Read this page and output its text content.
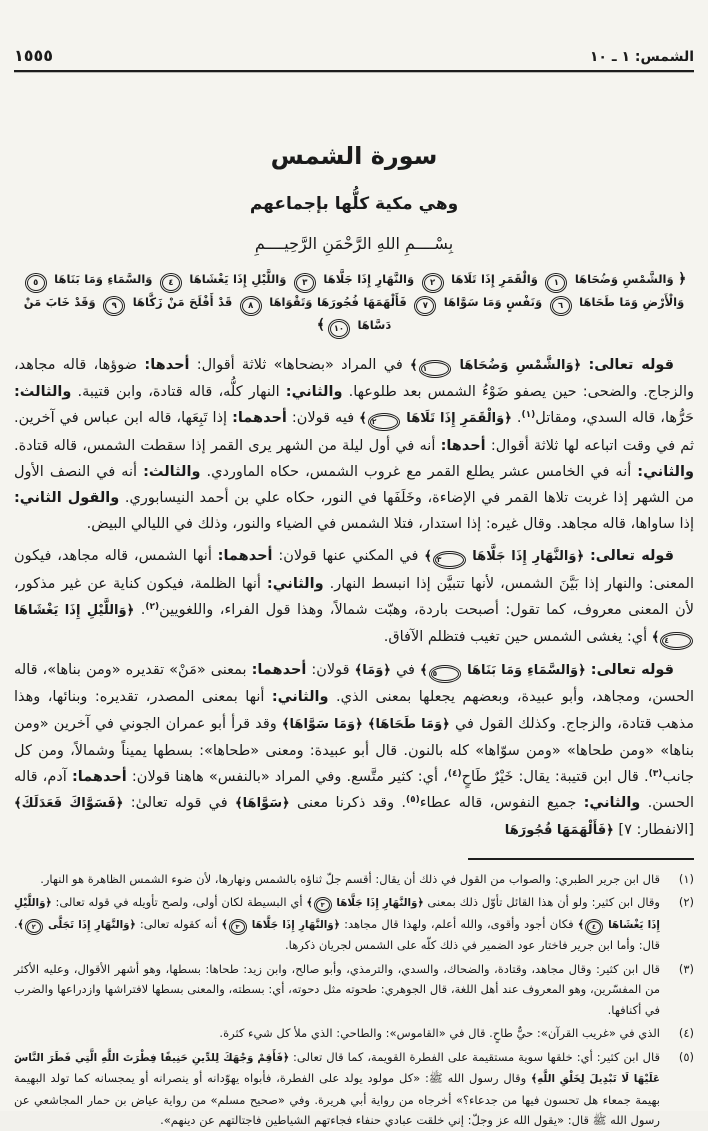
الشمس: ١ ـ ١٠
١٥٥٥
سورة الشمس
وهي مكية كلُّها بإجماعهم
بِسْــــمِ اللهِ الرَّحْمَنِ الرَّحِيــــمِ
﴿ وَالشَّمْسِ وَضُحَاهَا ١ وَالْقَمَرِ إِذَا تَلَاهَا ٢ وَالنَّهَارِ إِذَا جَلَّاهَا ٣ وَاللَّيْلِ إِذَا يَغْشَاهَا ٤ وَالسَّمَاءِ وَمَا بَنَاهَا ٥ وَالْأَرْضِ وَمَا طَحَاهَا ٦ وَنَفْسٍ وَمَا سَوَّاهَا ٧ فَأَلْهَمَهَا فُجُورَهَا وَتَقْوَاهَا ٨ قَدْ أَفْلَحَ مَنْ زَكَّاهَا ٩ وَقَدْ خَابَ مَنْ دَسَّاهَا ١٠﴾

قوله تعالى: ﴿وَالشَّمْسِ وَضُحَاهَا ١﴾ في المراد «بضحاها» ثلاثة أقوال: أحدها: ضوؤها، قاله مجاهد، والزجاج. والضحى: حين يصفو ضَوْءُ الشمس بعد طلوعها. والثاني: النهار كلُّه، قاله قتادة، وابن قتيبة. والثالث: حَرُّها، قاله السدي، ومقاتل$^{(١)}$. ﴿وَالْقَمَرِ إِذَا تَلَاهَا ٢﴾ فيه قولان: أحدهما: إذا تَبِعَها، قاله ابن عباس في آخرين. ثم في وقت اتباعه لها ثلاثة أقوال: أحدها: أنه في أول ليلة من الشهر يرى القمر إذا سقطت الشمس، قاله قتادة. والثاني: أنه في الخامس عشر يطلع القمر مع غروب الشمس، حكاه الماوردي. والثالث: أنه في النصف الأول من الشهر إذا غربت تلاها القمر في الإضاءة، وخَلَفَها في النور، حكاه علي بن أحمد النيسابوري. والقول الثاني: إذا ساواها، قاله مجاهد. وقال غيره: إذا استدار، فتلا الشمس في الضياء والنور، وذلك في الليالي البيض.

قوله تعالى: ﴿وَالنَّهَارِ إِذَا جَلَّاهَا ٣﴾ في المكني عنها قولان: أحدهما: أنها الشمس، قاله مجاهد، فيكون المعنى: والنهار إذا بَيَّنَ الشمس، لأنها تتبيَّن إذا انبسط النهار. والثاني: أنها الظلمة، فيكون كناية عن غير مذكور، لأن المعنى معروف، كما تقول: أصبحت باردة، وهبّت شمالاً، وهذا قول الفراء، واللغويين$^{(٢)}$. ﴿وَاللَّيْلِ إِذَا يَغْشَاهَا ٤﴾ أي: يغشى الشمس حين تغيب فتظلم الآفاق.

قوله تعالى: ﴿وَالسَّمَاءِ وَمَا بَنَاهَا ٥﴾ في ﴿وَمَا﴾ قولان: أحدهما: بمعنى «مَنْ» تقديره «ومن بناها»، قاله الحسن، ومجاهد، وأبو عبيدة، وبعضهم يجعلها بمعنى الذي. والثاني: أنها بمعنى المصدر، تقديره: وبنائها، وهذا مذهب قتادة، والزجاج. وكذلك القول في ﴿وَمَا طَحَاهَا﴾ ﴿وَمَا سَوَّاهَا﴾ وقد قرأ أبو عمران الجوني في آخرين «ومن بناها» «ومن طحاها» «ومن سوّاها» كله بالنون. قال أبو عبيدة: ومعنى «طحاها»: بسطها يميناً وشمالاً، ومن كل جانب$^{(٣)}$. قال ابن قتيبة: يقال: خَيْرٌ طَاحٍ$^{(٤)}$، أي: كثير متَّسع. وفي المراد «بالنفس» هاهنا قولان: أحدهما: آدم، قاله الحسن. والثاني: جميع النفوس، قاله عطاء$^{(٥)}$. وقد ذكرنا معنى ﴿سَوَّاهَا﴾ في قوله تعالىٰ: ﴿فَسَوَّاكَ فَعَدَلَكَ﴾ [الانفطار: ٧] ﴿فَأَلْهَمَهَا فُجُورَهَا

(١)
قال ابن جرير الطبري: والصواب من القول في ذلك أن يقال: أقسم جلّ ثناؤه بالشمس ونهارها، لأن ضوء الشمس الظاهرة هو النهار.
(٢)
وقال ابن كثير: ولو أن هذا القائل تأوّل ذلك بمعنى ﴿وَالنَّهَارِ إِذَا جَلَّاهَا ٣﴾ أي البسيطة لكان أولى، ولصح تأويله في قوله تعالى: ﴿وَاللَّيْلِ إِذَا يَغْشَاهَا ٤﴾ فكان أجود وأقوى، والله أعلم، ولهذا قال مجاهد: ﴿وَالنَّهَارِ إِذَا جَلَّاهَا ٣﴾ أنه كقوله تعالى: ﴿وَالنَّهَارِ إِذَا تَجَلَّى ٢﴾. قال: وأما ابن جرير فاختار عود الضمير في ذلك كلّه على الشمس لجريان ذكرها.
(٣)
قال ابن كثير: وقال مجاهد، وقتادة، والضحاك، والسدي، والترمذي، وأبو صالح، وابن زيد: طحاها: بسطها، وهو أشهر الأقوال، وعليه الأكثر من المفسّرين، وهو المعروف عند أهل اللغة، قال الجوهري: طحوته مثل دحوته، أي: بسطته، والمعنى بسطها لافتراشها وازدراعها والضرب في أكنافها.
(٤)
الذي في «غريب القرآن»: حيٌّ طاحٍ. قال في «القاموس»: والطاحي: الذي ملأ كل شيء كثرة.
(٥)
قال ابن كثير: أي: خلقها سوية مستقيمة على الفطرة القويمة، كما قال تعالى: ﴿فَأَقِمْ وَجْهَكَ لِلدِّينِ حَنِيفًا فِطْرَتَ اللَّهِ الَّتِي فَطَرَ النَّاسَ عَلَيْهَا لَا تَبْدِيلَ لِخَلْقِ اللَّهِ﴾ وقال رسول الله ﷺ: «كل مولود يولد على الفطرة، فأبواه يهوّدانه أو ينصرانه أو يمجسانه كما تولد البهيمة بهيمة جمعاء هل تحسون فيها من جدعاء؟» أخرجاه من رواية أبي هريرة. وفي «صحيح مسلم» من رواية عياض بن حمار المجاشعي عن رسول الله ﷺ قال: «يقول الله عز وجلّ: إني خلقت عبادي حنفاء فجاءتهم الشياطين فاجتالتهم عن دينهم».
